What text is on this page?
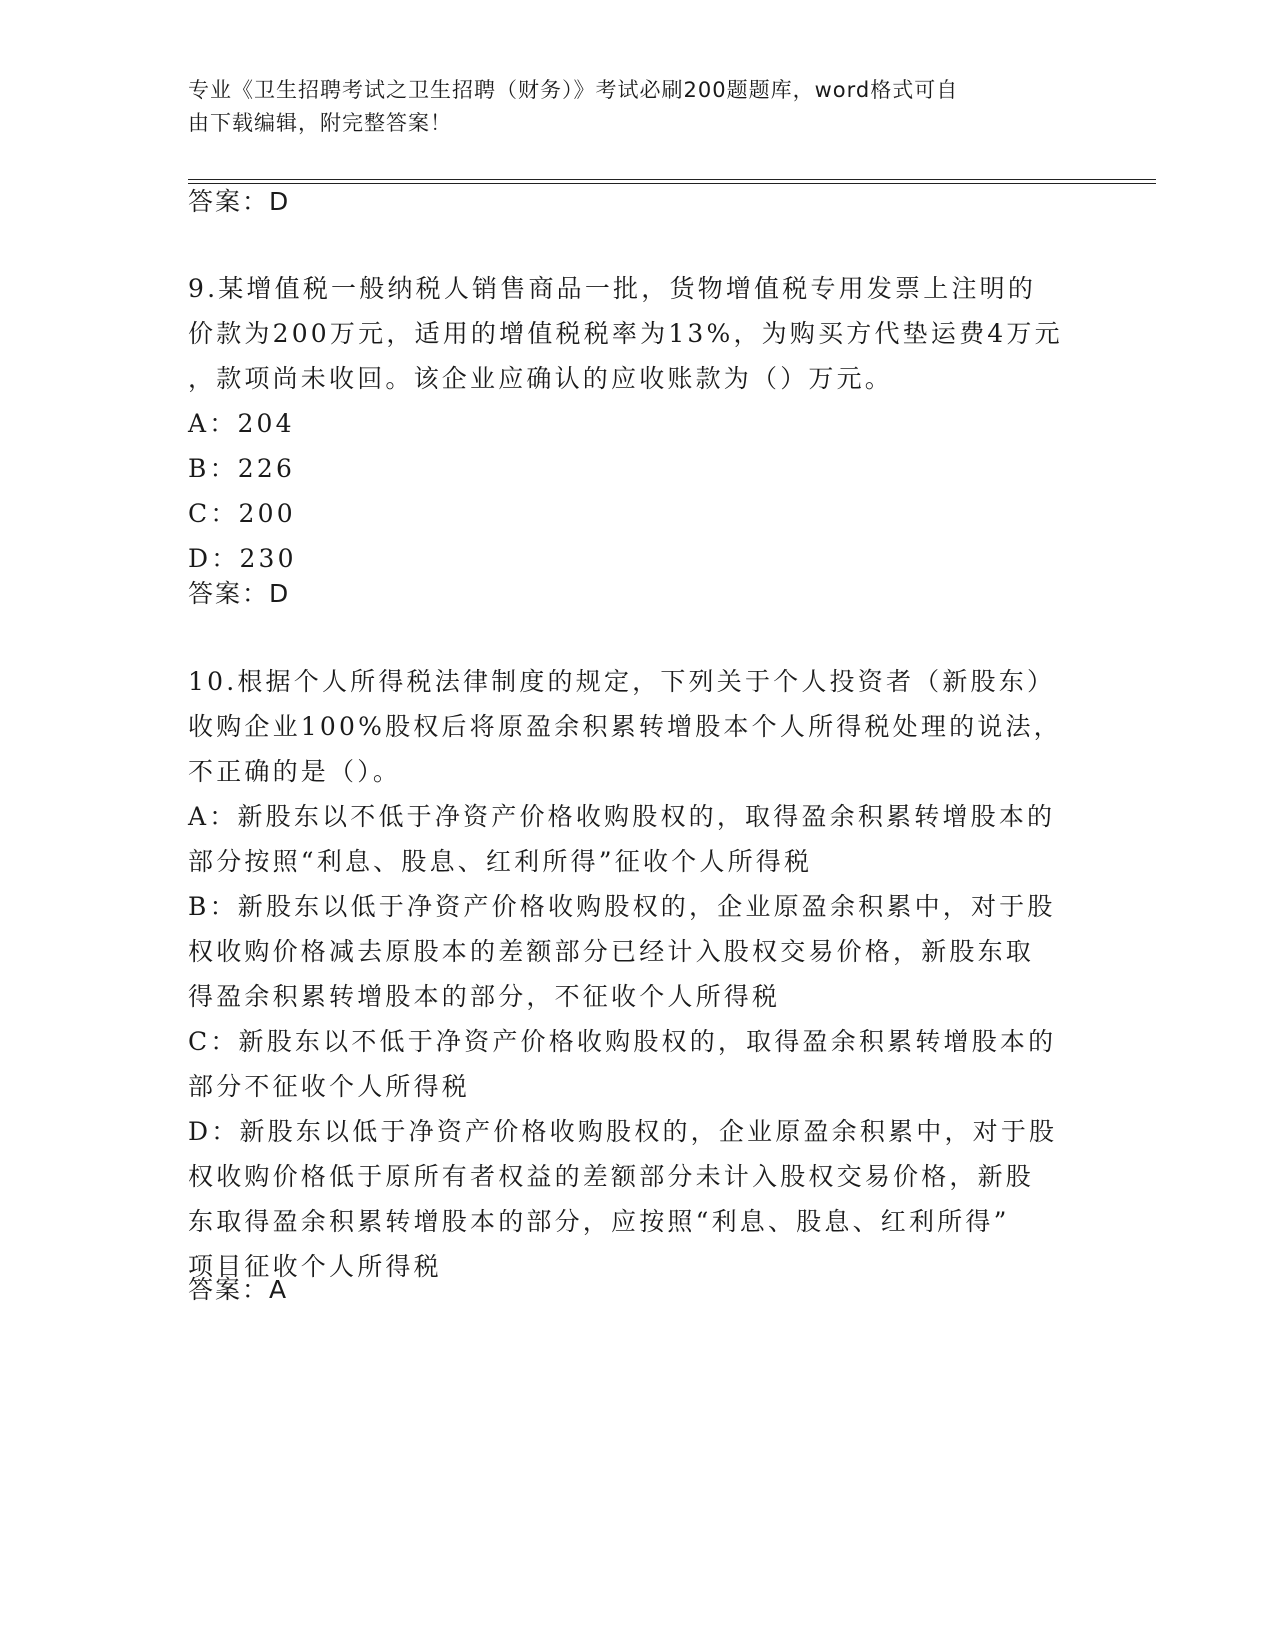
专业《卫生招聘考试之卫生招聘（财务）》考试必刷200题题库，word格式可自
由下载编辑，附完整答案！
答案：D

9.某增值税一般纳税人销售商品一批，货物增值税专用发票上注明的

价款为200万元，适用的增值税税率为13%，为购买方代垫运费4万元

，款项尚未收回。该企业应确认的应收账款为（）万元。

A：204

B：226

C：200

D：230

答案：D

10.根据个人所得税法律制度的规定，下列关于个人投资者（新股东）

收购企业100%股权后将原盈余积累转增股本个人所得税处理的说法，

不正确的是（）。

A：新股东以不低于净资产价格收购股权的，取得盈余积累转增股本的

部分按照“利息、股息、红利所得”征收个人所得税

B：新股东以低于净资产价格收购股权的，企业原盈余积累中，对于股

权收购价格减去原股本的差额部分已经计入股权交易价格，新股东取

得盈余积累转增股本的部分，不征收个人所得税

C：新股东以不低于净资产价格收购股权的，取得盈余积累转增股本的

部分不征收个人所得税

D：新股东以低于净资产价格收购股权的，企业原盈余积累中，对于股

权收购价格低于原所有者权益的差额部分未计入股权交易价格，新股

东取得盈余积累转增股本的部分，应按照“利息、股息、红利所得”

项目征收个人所得税

答案：A
